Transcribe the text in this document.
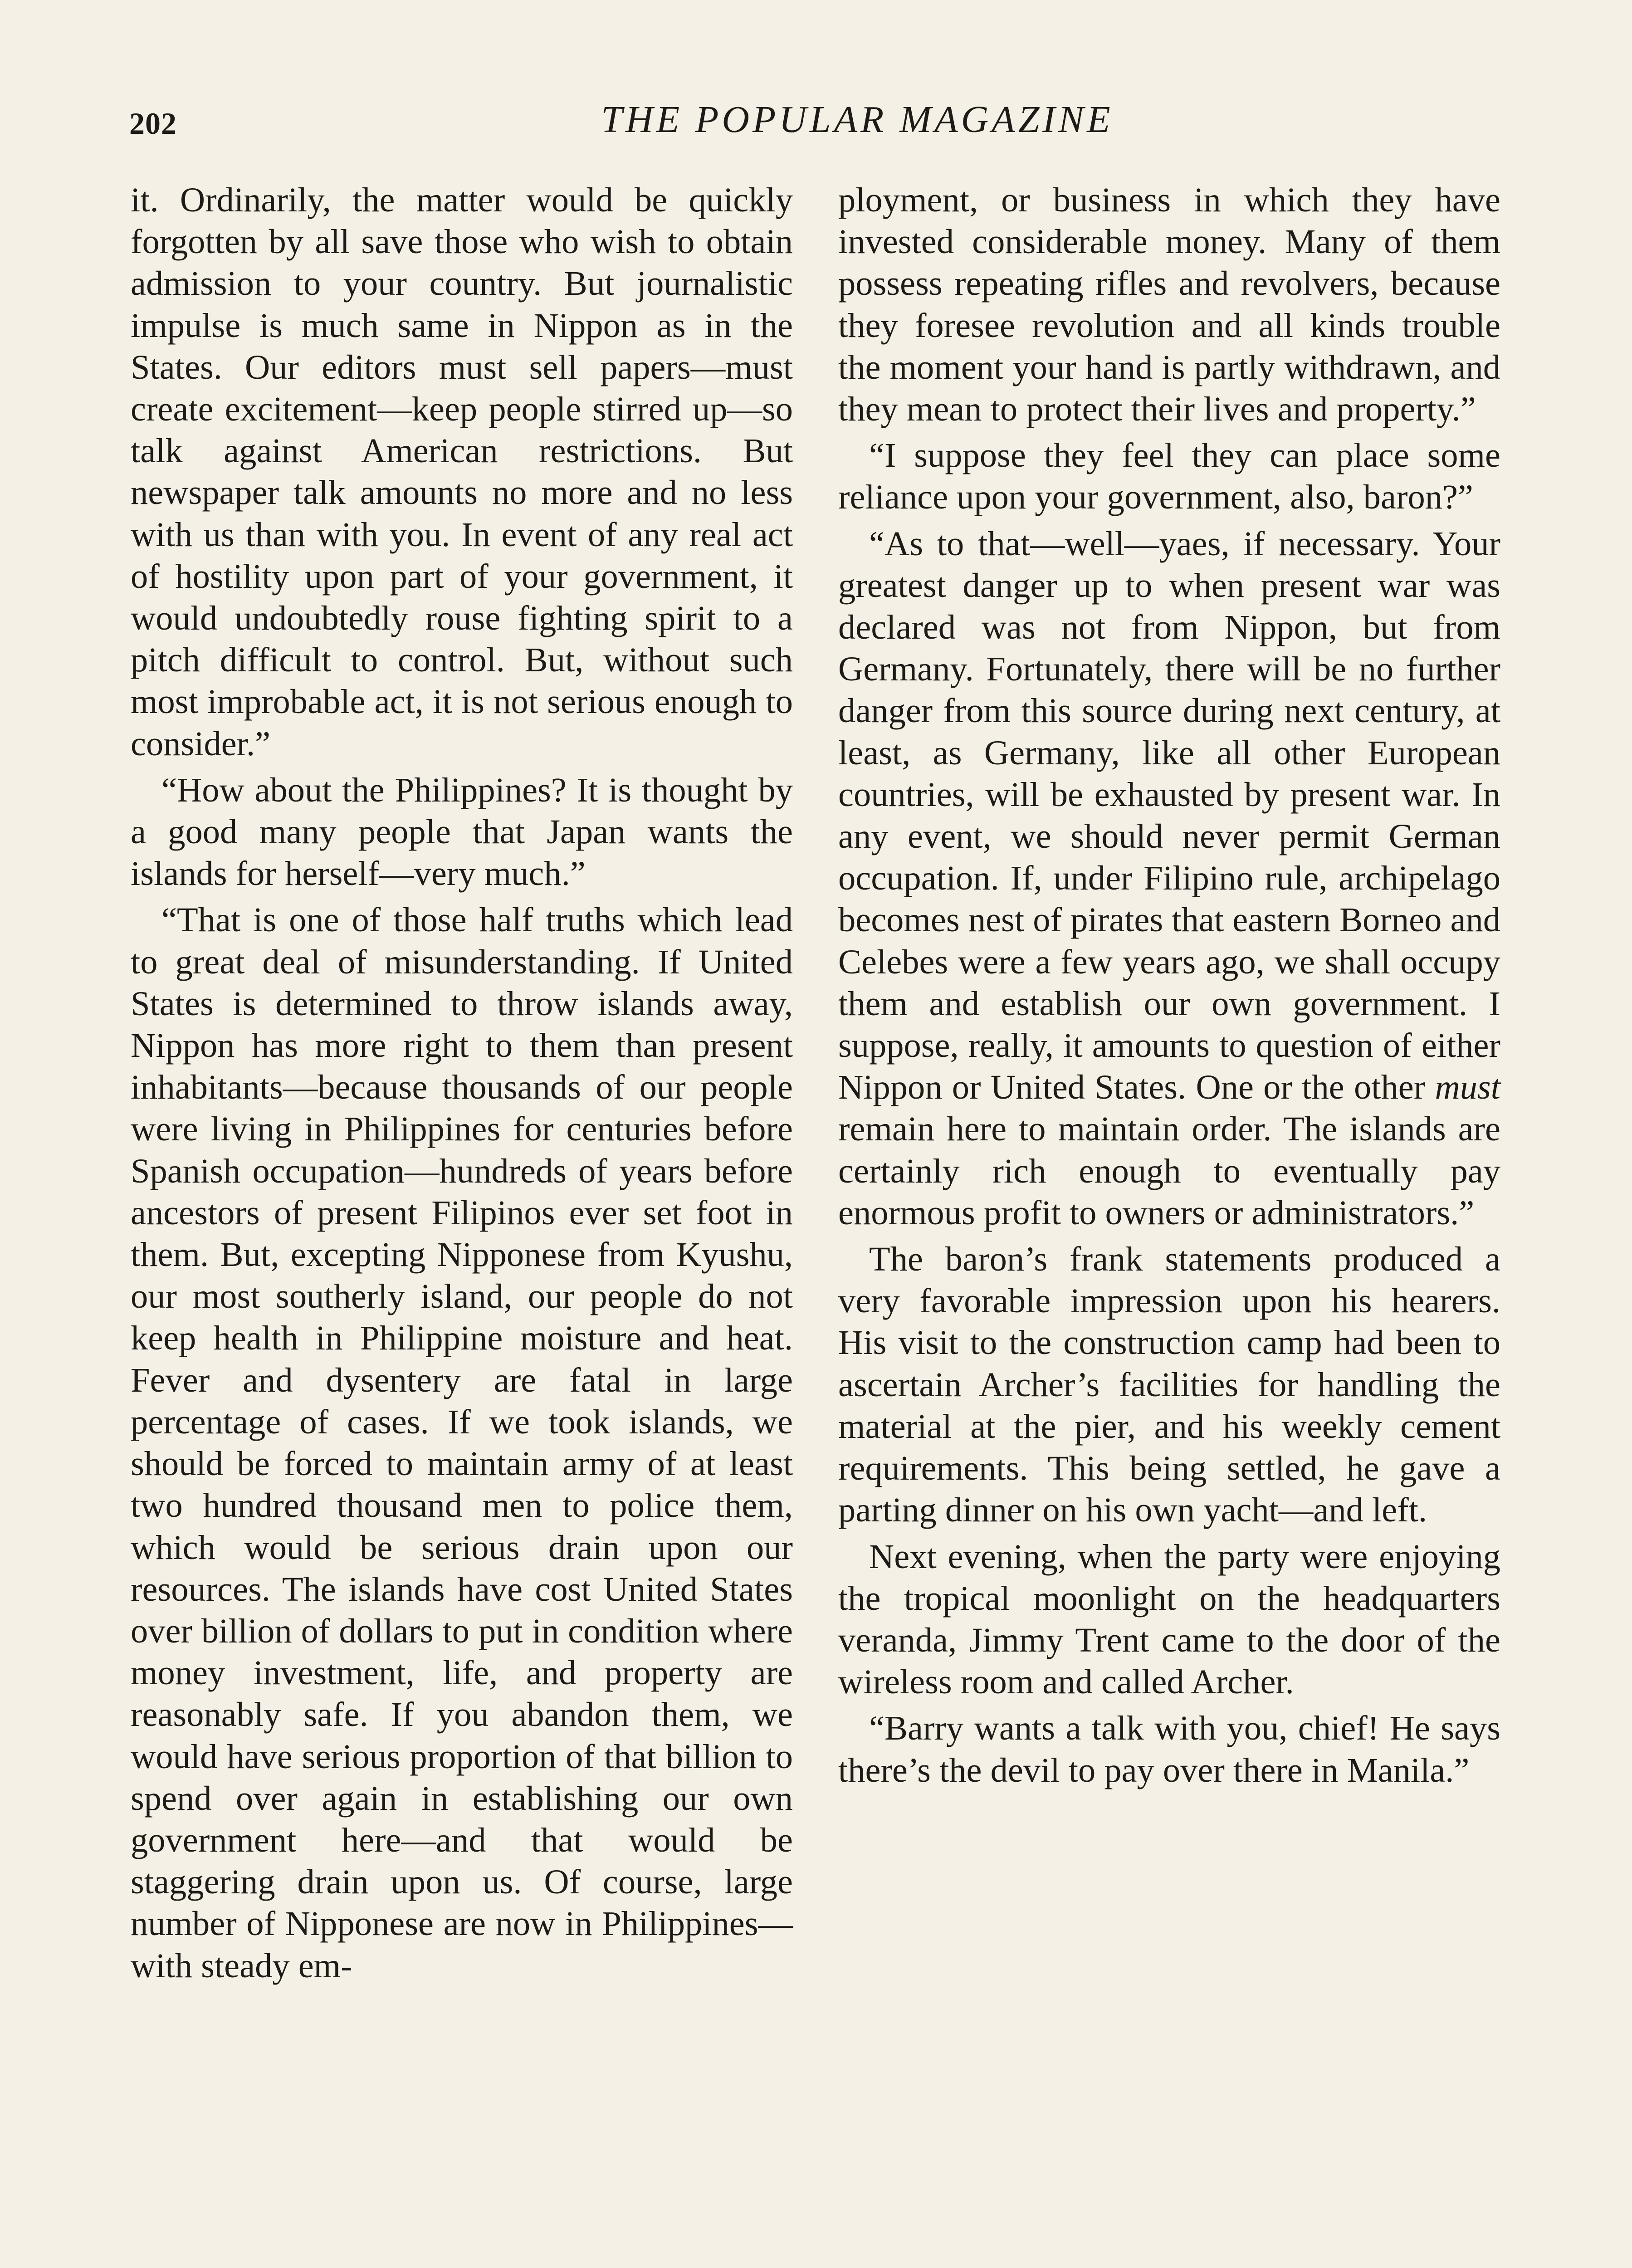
202	THE POPULAR MAGAZINE

it. Ordinarily, the matter would be quickly forgotten by all save those who wish to obtain admission to your country. But journalistic impulse is much same in Nippon as in the States. Our editors must sell papers—must create excitement—keep people stirred up—so talk against American restrictions. But newspaper talk amounts no more and no less with us than with you. In event of any real act of hostility upon part of your government, it would undoubtedly rouse fighting spirit to a pitch difficult to control. But, without such most improbable act, it is not serious enough to consider.”

“How about the Philippines? It is thought by a good many people that Japan wants the islands for herself—very much.”

“That is one of those half truths which lead to great deal of misunderstanding. If United States is determined to throw islands away, Nippon has more right to them than present inhabitants—because thousands of our people were living in Philippines for centuries before Spanish occupation—hundreds of years before ancestors of present Filipinos ever set foot in them. But, excepting Nipponese from Kyushu, our most southerly island, our people do not keep health in Philippine moisture and heat. Fever and dysentery are fatal in large percentage of cases. If we took islands, we should be forced to maintain army of at least two hundred thousand men to police them, which would be serious drain upon our resources. The islands have cost United States over billion of dollars to put in condition where money investment, life, and property are reasonably safe. If you abandon them, we would have serious proportion of that billion to spend over again in establishing our own government here—and that would be staggering drain upon us. Of course, large number of Nipponese are now in Philippines—with steady em-

ployment, or business in which they have invested considerable money. Many of them possess repeating rifles and revolvers, because they foresee revolution and all kinds trouble the moment your hand is partly withdrawn, and they mean to protect their lives and property.”

“I suppose they feel they can place some reliance upon your government, also, baron?”

“As to that—well—yaes, if necessary. Your greatest danger up to when present war was declared was not from Nippon, but from Germany. Fortunately, there will be no further danger from this source during next century, at least, as Germany, like all other European countries, will be exhausted by present war. In any event, we should never permit German occupation. If, under Filipino rule, archipelago becomes nest of pirates that eastern Borneo and Celebes were a few years ago, we shall occupy them and establish our own government. I suppose, really, it amounts to question of either Nippon or United States. One or the other must remain here to maintain order. The islands are certainly rich enough to eventually pay enormous profit to owners or administrators.”

The baron’s frank statements produced a very favorable impression upon his hearers. His visit to the construction camp had been to ascertain Archer’s facilities for handling the material at the pier, and his weekly cement requirements. This being settled, he gave a parting dinner on his own yacht—and left.

Next evening, when the party were enjoying the tropical moonlight on the headquarters veranda, Jimmy Trent came to the door of the wireless room and called Archer.

“Barry wants a talk with you, chief! He says there’s the devil to pay over there in Manila.”
